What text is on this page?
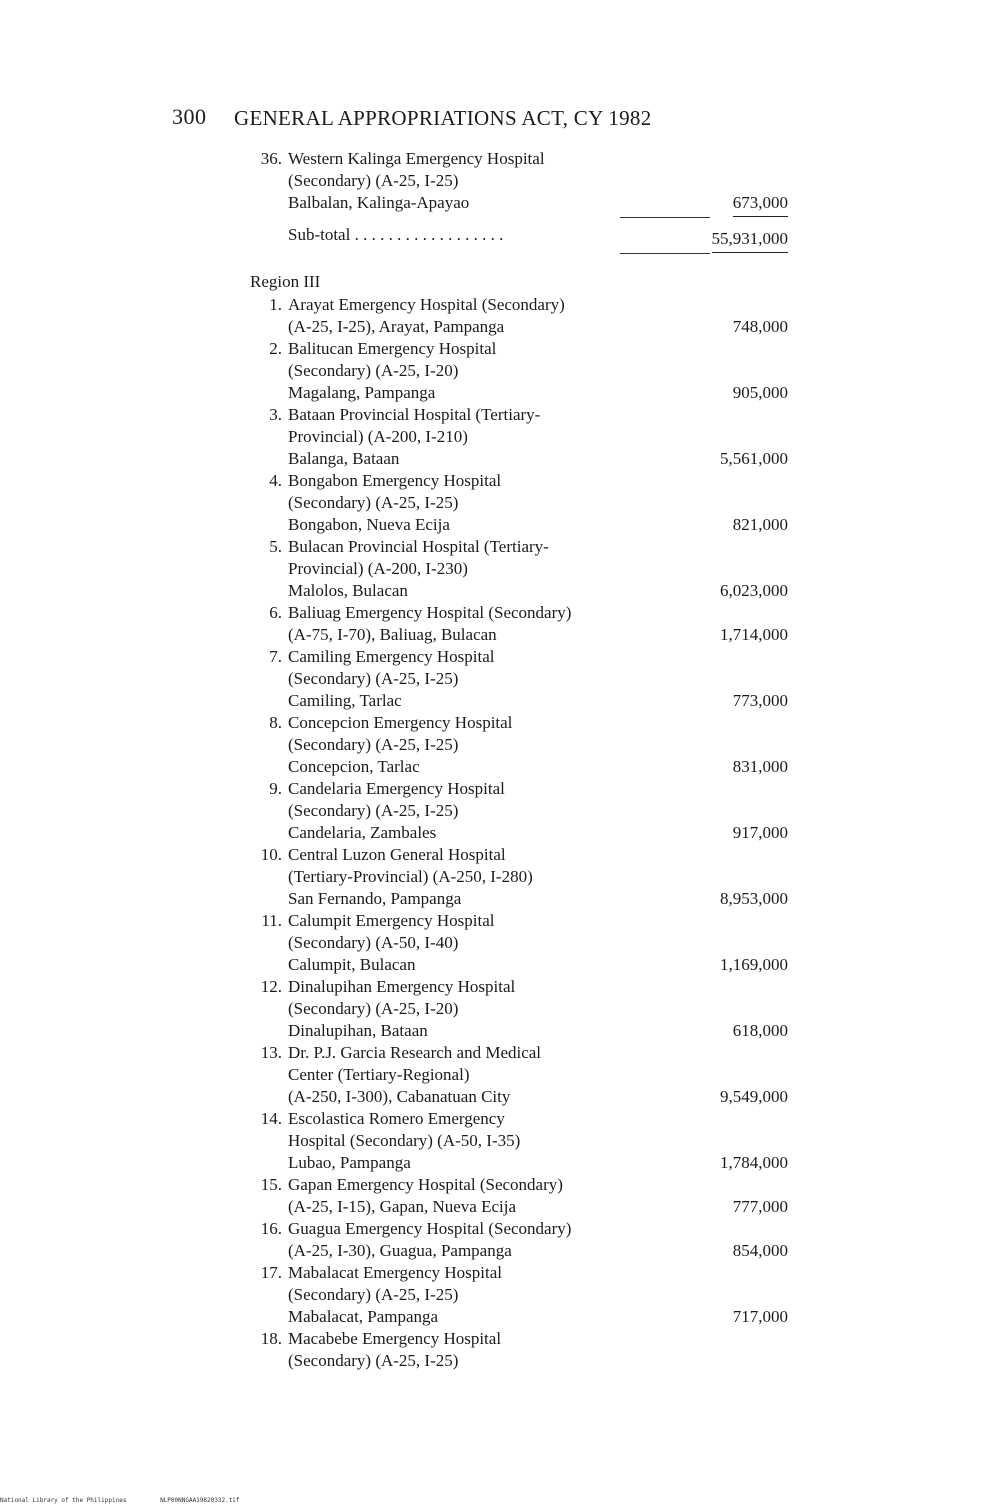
300 GENERAL APPROPRIATIONS ACT, CY 1982
36. Western Kalinga Emergency Hospital
(Secondary) (A-25, I-25)
Balbalan, Kalinga-Apayao	673,000
Sub-total . . . . . . . . . . . . . . . . . .	55,931,000
Region III
1. Arayat Emergency Hospital (Secondary)
(A-25, I-25), Arayat, Pampanga	748,000
2. Balitucan Emergency Hospital
(Secondary) (A-25, I-20)
Magalang, Pampanga	905,000
3. Bataan Provincial Hospital (Tertiary-
Provincial) (A-200, I-210)
Balanga, Bataan	5,561,000
4. Bongabon Emergency Hospital
(Secondary) (A-25, I-25)
Bongabon, Nueva Ecija	821,000
5. Bulacan Provincial Hospital (Tertiary-
Provincial) (A-200, I-230)
Malolos, Bulacan	6,023,000
6. Baliuag Emergency Hospital (Secondary)
(A-75, I-70), Baliuag, Bulacan	1,714,000
7. Camiling Emergency Hospital
(Secondary) (A-25, I-25)
Camiling, Tarlac	773,000
8. Concepcion Emergency Hospital
(Secondary) (A-25, I-25)
Concepcion, Tarlac	831,000
9. Candelaria Emergency Hospital
(Secondary) (A-25, I-25)
Candelaria, Zambales	917,000
10. Central Luzon General Hospital
(Tertiary-Provincial) (A-250, I-280)
San Fernando, Pampanga	8,953,000
11. Calumpit Emergency Hospital
(Secondary) (A-50, I-40)
Calumpit, Bulacan	1,169,000
12. Dinalupihan Emergency Hospital
(Secondary) (A-25, I-20)
Dinalupihan, Bataan	618,000
13. Dr. P.J. Garcia Research and Medical
Center (Tertiary-Regional)
(A-250, I-300), Cabanatuan City	9,549,000
14. Escolastica Romero Emergency
Hospital (Secondary) (A-50, I-35)
Lubao, Pampanga	1,784,000
15. Gapan Emergency Hospital (Secondary)
(A-25, I-15), Gapan, Nueva Ecija	777,000
16. Guagua Emergency Hospital (Secondary)
(A-25, I-30), Guagua, Pampanga	854,000
17. Mabalacat Emergency Hospital
(Secondary) (A-25, I-25)
Mabalacat, Pampanga	717,000
18. Macabebe Emergency Hospital
(Secondary) (A-25, I-25)
National Library of the Philippines	NLP00NNGAA19820332.tif
